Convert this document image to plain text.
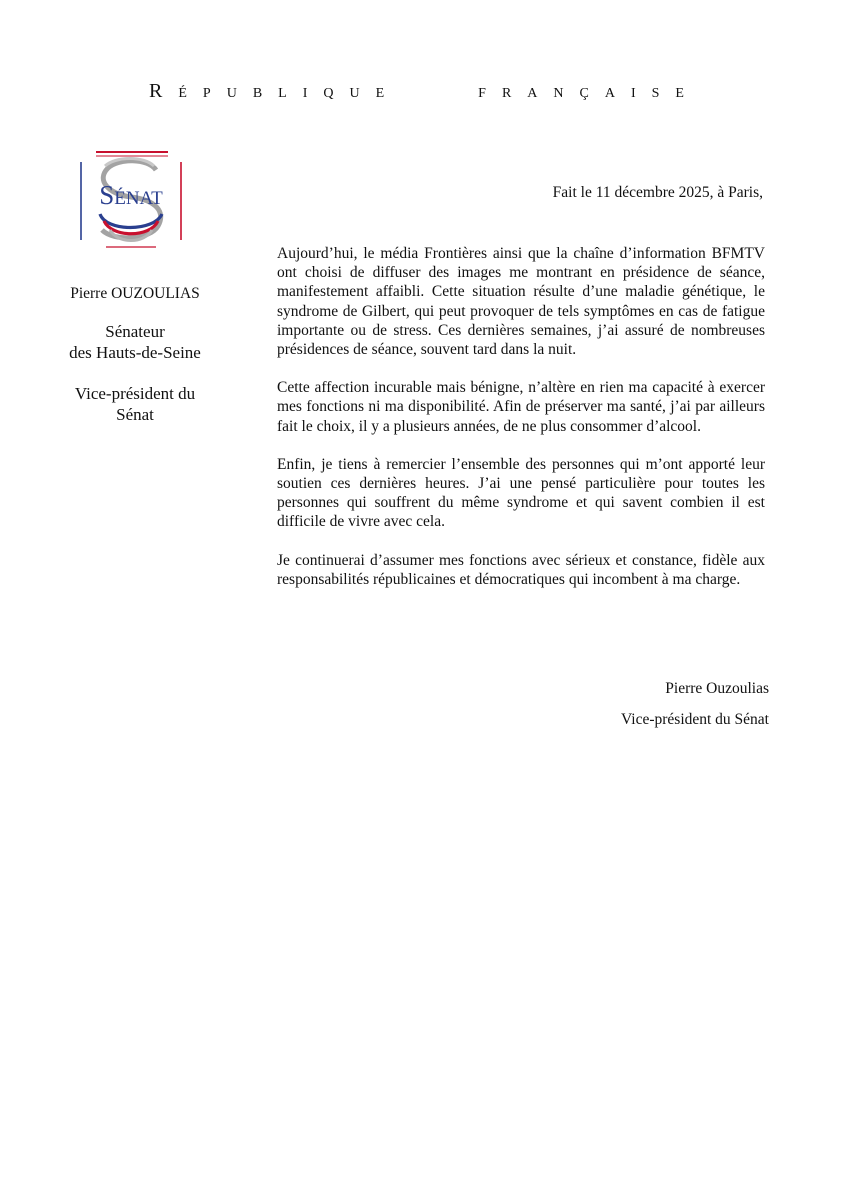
RÉPUBLIQUE	FRANÇAISE
SÉNAT
Pierre OUZOULIAS
Sénateur
des Hauts-de-Seine
Vice-président du
Sénat
Fait le 11 décembre 2025, à Paris,

Aujourd’hui, le média Frontières ainsi que la chaîne d’information BFMTV ont choisi de diffuser des images me montrant en présidence de séance, manifestement affaibli. Cette situation résulte d’une maladie génétique, le syndrome de Gilbert, qui peut provoquer de tels symptômes en cas de fatigue importante ou de stress. Ces dernières semaines, j’ai assuré de nombreuses présidences de séance, souvent tard dans la nuit.

Cette affection incurable mais bénigne, n’altère en rien ma capacité à exercer mes fonctions ni ma disponibilité. Afin de préserver ma santé, j’ai par ailleurs fait le choix, il y a plusieurs années, de ne plus consommer d’alcool.

Enfin, je tiens à remercier l’ensemble des personnes qui m’ont apporté leur soutien ces dernières heures. J’ai une pensé particulière pour toutes les personnes qui souffrent du même syndrome et qui savent combien il est difficile de vivre avec cela.

Je continuerai d’assumer mes fonctions avec sérieux et constance, fidèle aux responsabilités républicaines et démocratiques qui incombent à ma charge.

Pierre Ouzoulias
Vice-président du Sénat
